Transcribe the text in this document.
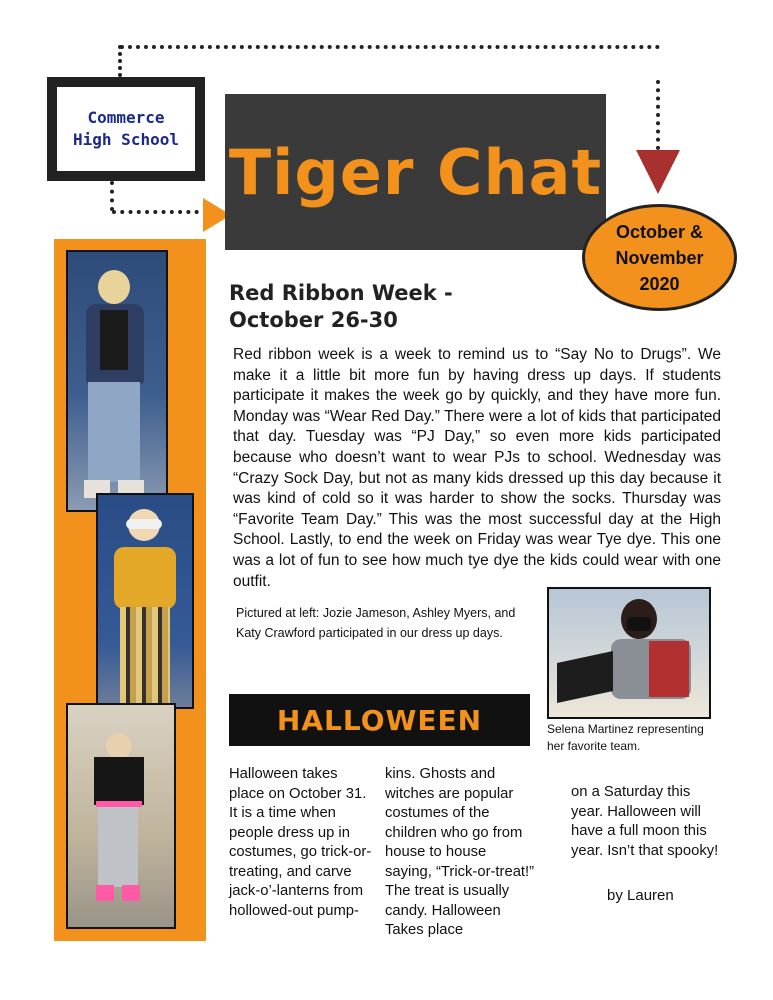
Commerce
High School Tiger Chat
October &
November
2020
Red Ribbon Week -
October 26-30
Red ribbon week is a week to remind us to “Say No to Drugs”. We make it a little bit more fun by having dress up days. If students participate it makes the week go by quickly, and they have more fun. Monday was “Wear Red Day.” There were a lot of kids that participated that day. Tuesday was “PJ Day,” so even more kids participated because who doesn’t want to wear PJs to school. Wednesday was “Crazy Sock Day, but not as many kids dressed up this day because it was kind of cold so it was harder to show the socks. Thursday was “Favorite Team Day.” This was the most successful day at the High School. Lastly, to end the week on Friday was wear Tye dye. This one was a lot of fun to see how much tye dye the kids could wear with one outfit.
Pictured at left: Jozie Jameson, Ashley Myers, and Katy Crawford participated in our dress up days.
Selena Martinez representing her favorite team.
HALLOWEEN
Halloween takes place on October 31. It is a time when people dress up in costumes, go trick-or-treating, and carve jack-o’-lanterns from hollowed-out pump-
kins. Ghosts and witches are popular costumes of the children who go from house to house saying, “Trick-or-treat!” The treat is usually candy. Halloween Takes place
on a Saturday this year. Halloween will have a full moon this year. Isn’t that spooky!
by Lauren
